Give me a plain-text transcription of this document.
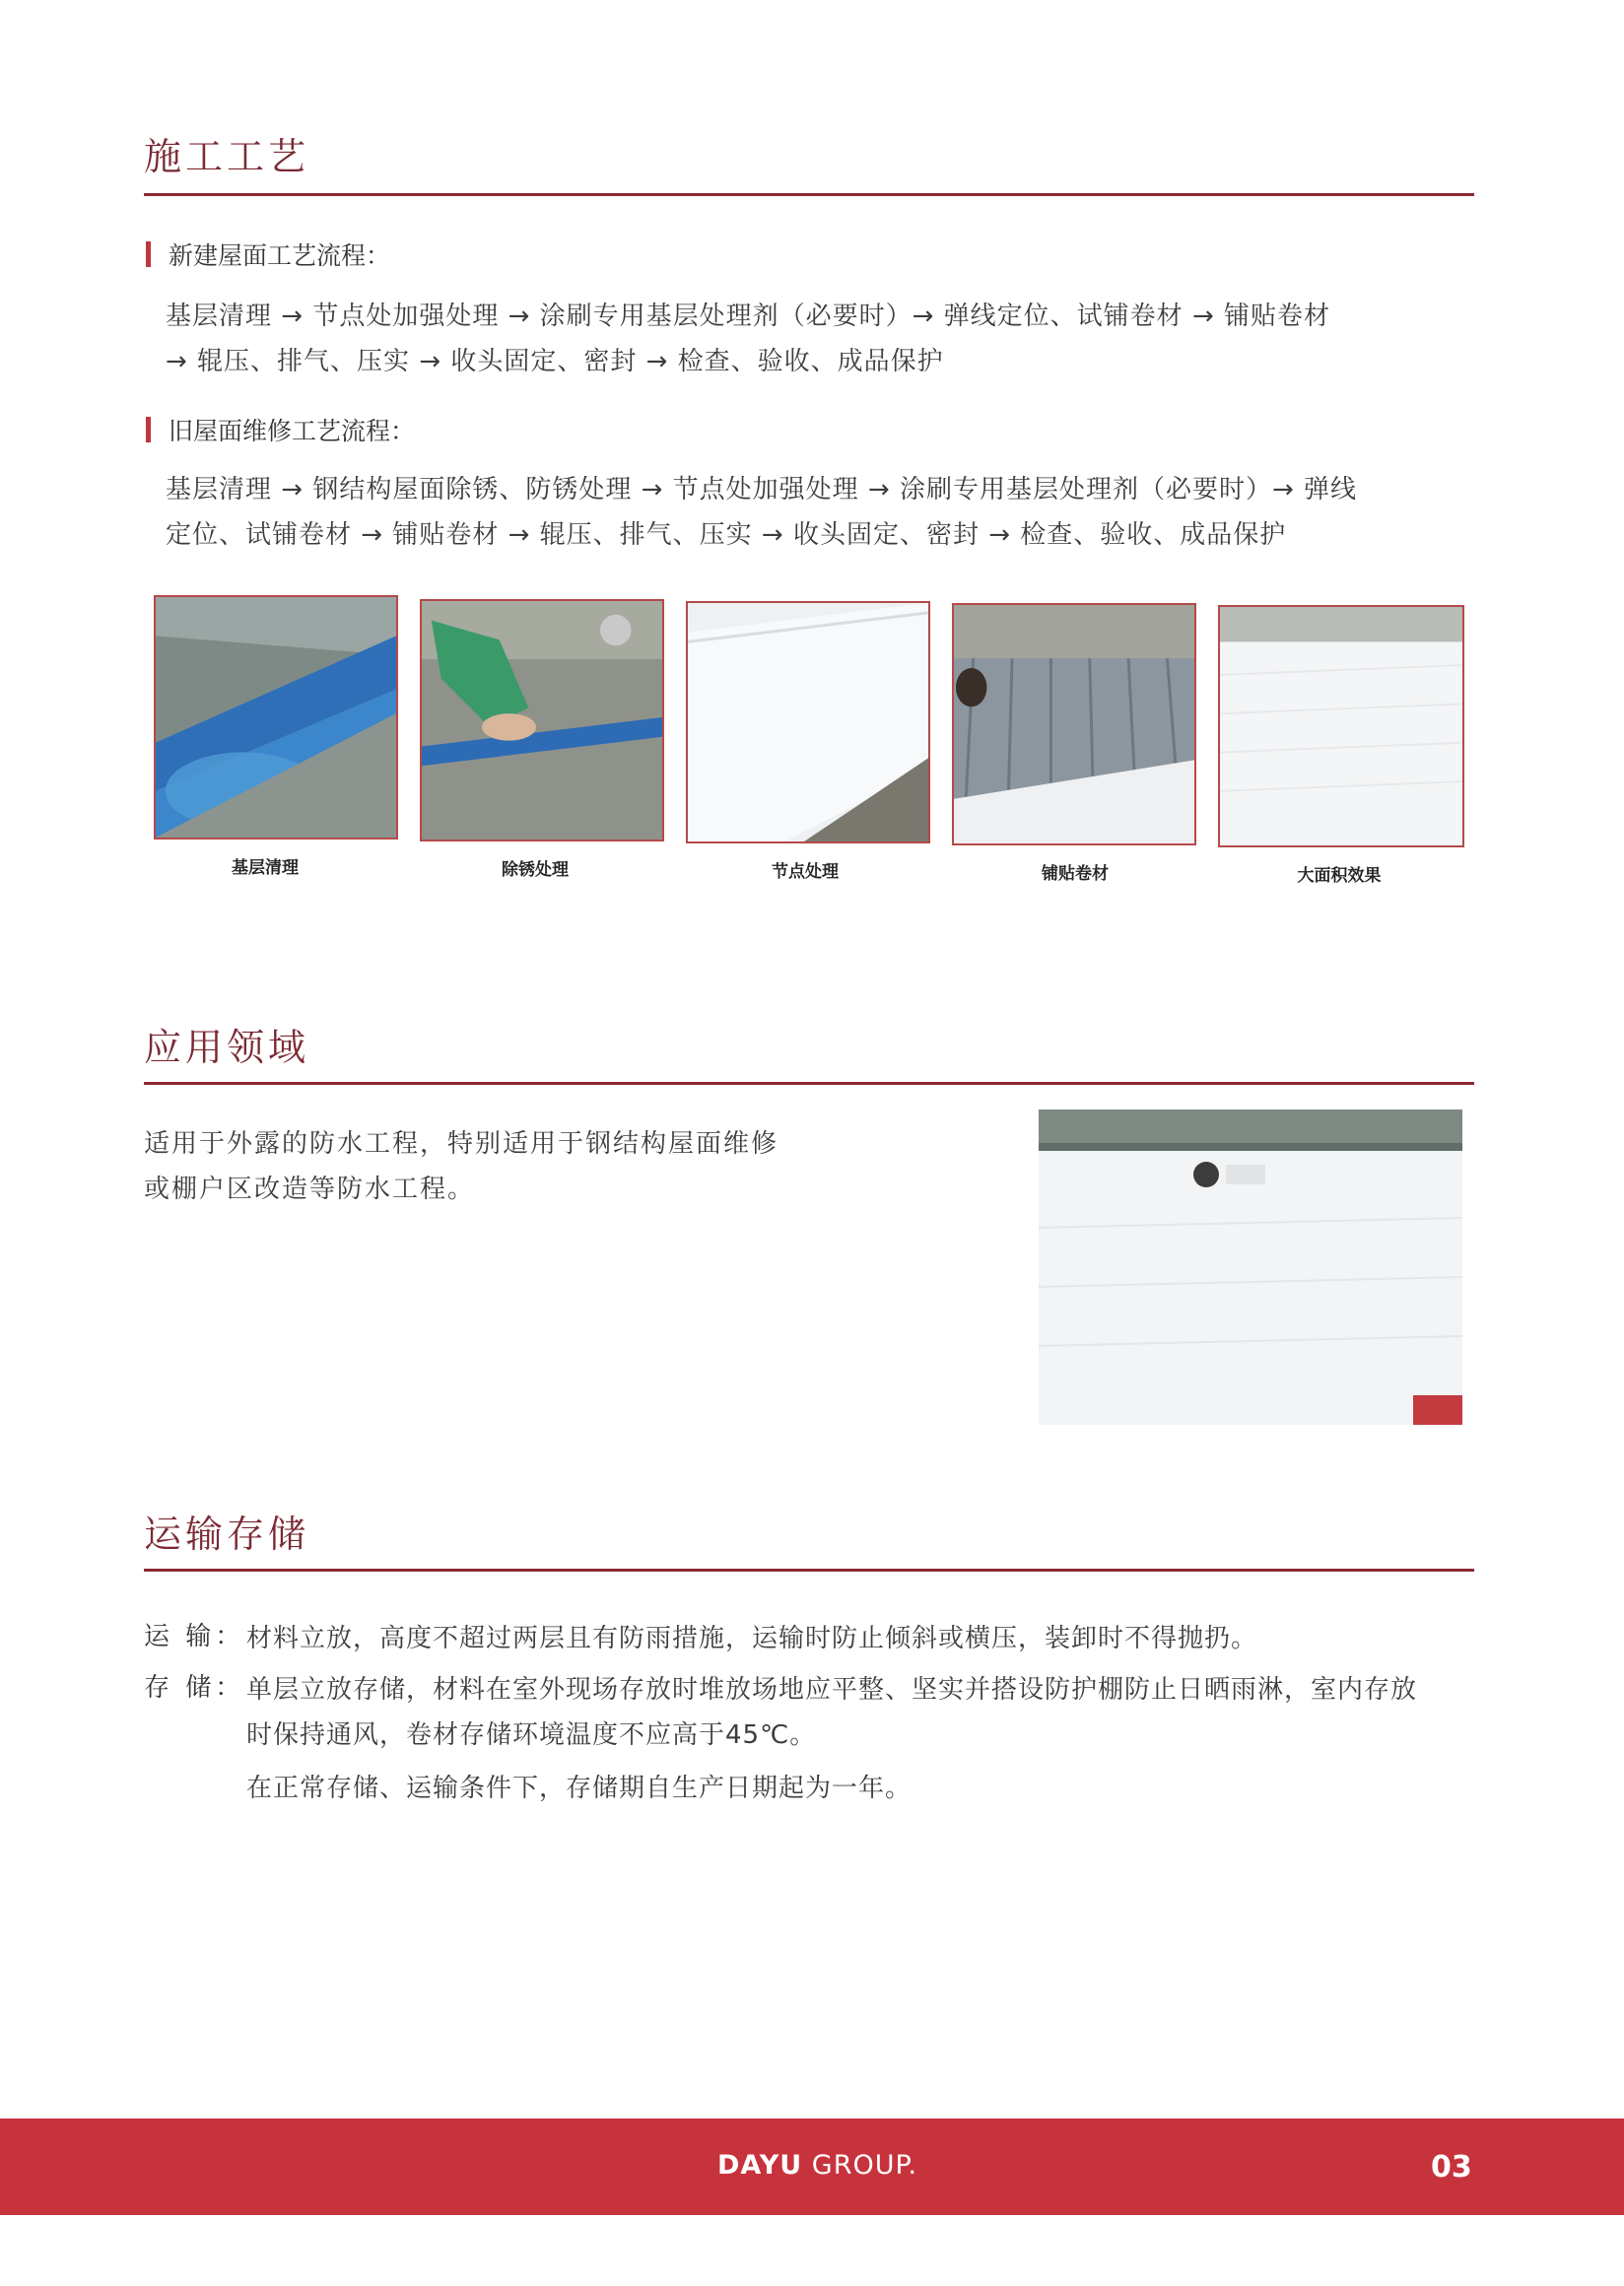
施工工艺
新建屋面工艺流程：
基层清理 → 节点处加强处理 → 涂刷专用基层处理剂（必要时）→ 弹线定位、试铺卷材 → 铺贴卷材
→ 辊压、排气、压实 → 收头固定、密封 → 检查、验收、成品保护
旧屋面维修工艺流程：
基层清理 → 钢结构屋面除锈、防锈处理 → 节点处加强处理 → 涂刷专用基层处理剂（必要时）→ 弹线
定位、试铺卷材 → 铺贴卷材 → 辊压、排气、压实 → 收头固定、密封 → 检查、验收、成品保护
基层清理	除锈处理	节点处理	铺贴卷材	大面积效果
应用领域
适用于外露的防水工程，特别适用于钢结构屋面维修
或棚户区改造等防水工程。
运输存储
运 输： 材料立放，高度不超过两层且有防雨措施，运输时防止倾斜或横压，装卸时不得抛扔。
存 储： 单层立放存储，材料在室外现场存放时堆放场地应平整、坚实并搭设防护棚防止日晒雨淋，室内存放
时保持通风，卷材存储环境温度不应高于45℃。
在正常存储、运输条件下，存储期自生产日期起为一年。
DAYU GROUP.	03
